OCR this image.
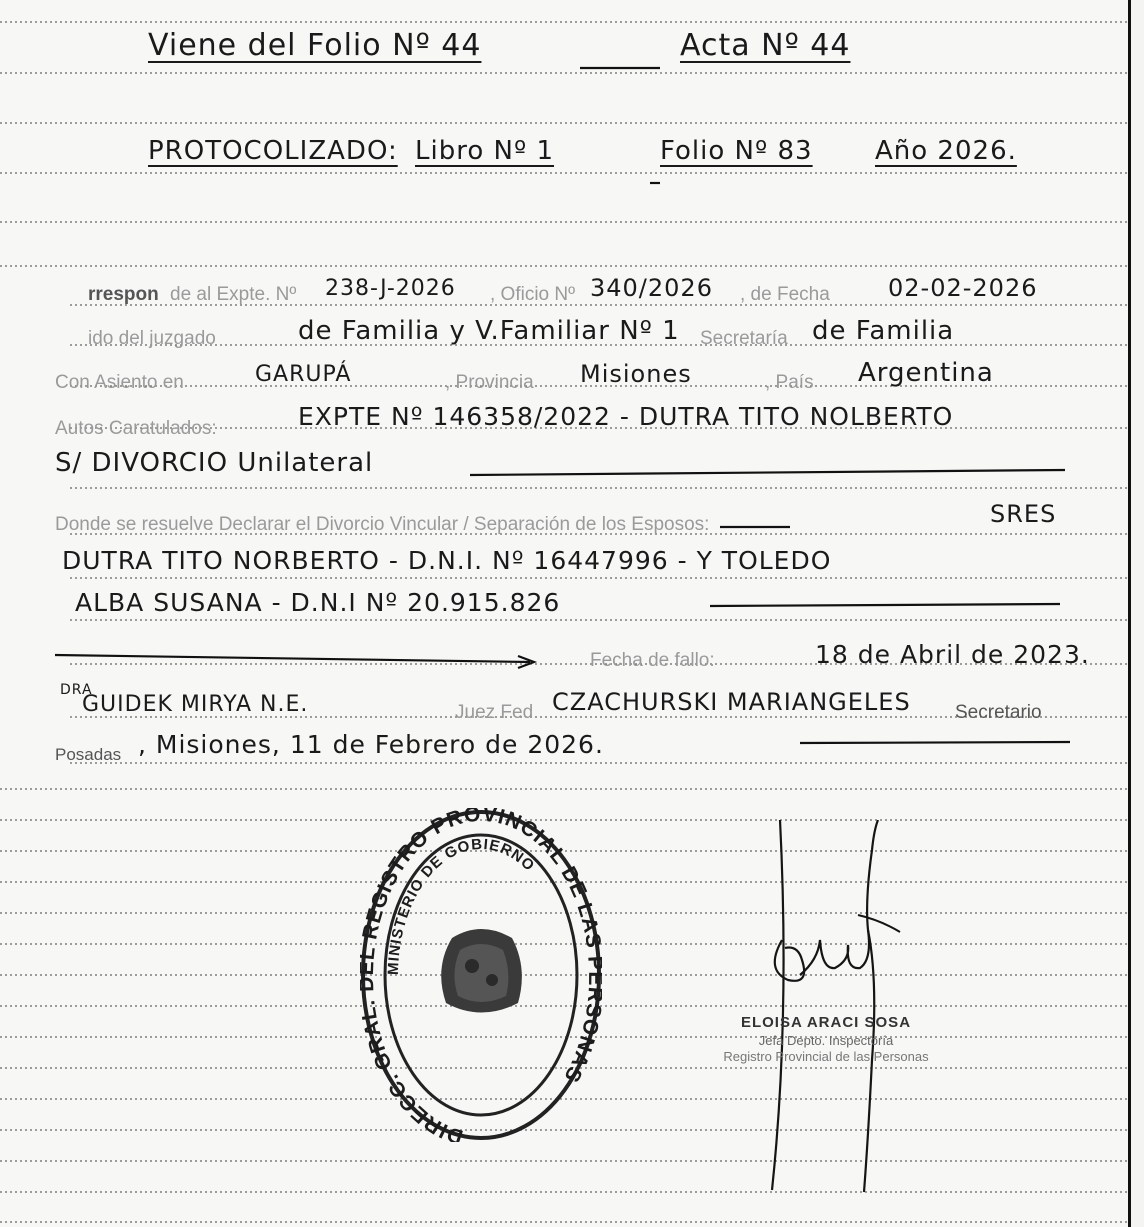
Viene del Folio Nº 44	Acta Nº 44
PROTOCOLIZADO: Libro Nº 1	Folio Nº 83 Año 2026.
rrespon de al Expte. Nº 238-J-2026 , Oficio Nº 340/2026 , de Fecha 02-02-2026
ido del juzgado	de Familia y V.Familiar Nº 1 Secretaría de Familia
Con Asiento en	GARUPÁ	, Provincia Misiones	, País Argentina
Autos Caratulados:	EXPTE Nº 146358/2022 - DUTRA TITO NOLBERTO
S/ DIVORCIO Unilateral
Donde se resuelve Declarar el Divorcio Vincular / Separación de los Esposos:	SRES
DUTRA TITO NORBERTO - D.N.I. Nº 16447996 - Y TOLEDO
ALBA SUSANA - D.N.I Nº 20.915.826
Fecha de fallo:	18 de Abril de 2023.
DRA
GUIDEK MIRYA N.E.	Juez Fed CZACHURSKI MARIANGELES Secretario
Posadas , Misiones, 11 de Febrero de 2026.
DIRECC. GRA REGISTRO PROVINCIAL DE LA ONAS
MINISTERIO DE GOBIERNO
ELOISA ARACI SOSA
Jefa Depto. Inspectoría
Registro Provincial de las Personas
